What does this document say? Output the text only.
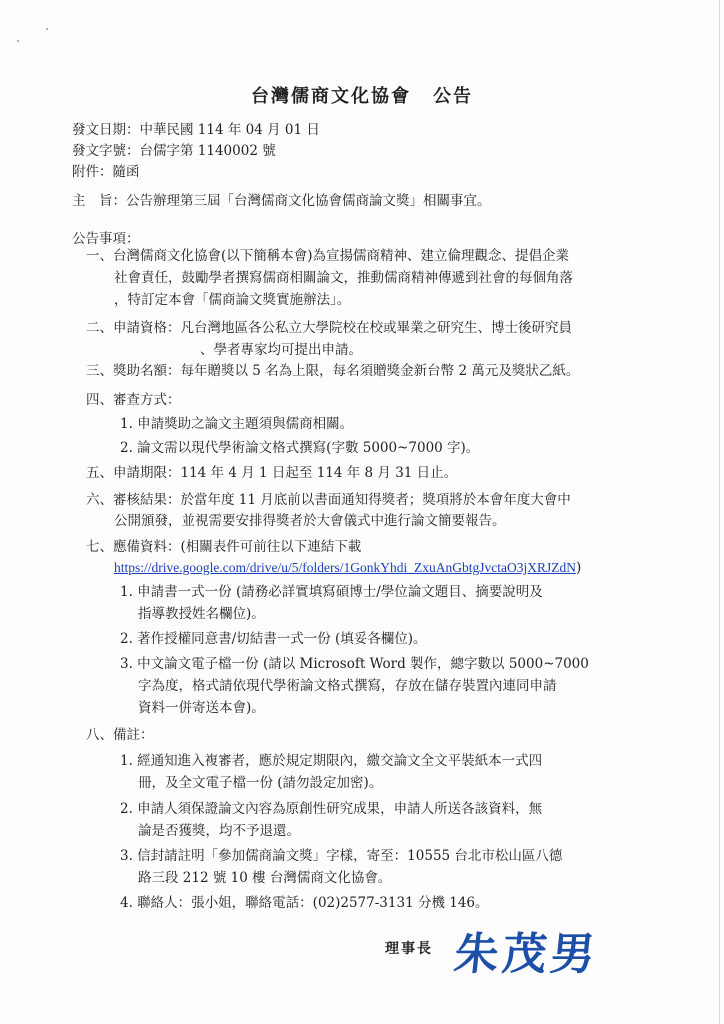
台灣儒商文化協會 公告
發文日期：中華民國 114 年 04 月 01 日
發文字號：台儒字第 1140002 號
附件：隨函
主　旨：公告辦理第三屆「台灣儒商文化協會儒商論文獎」相關事宜。
公告事項：
一、台灣儒商文化協會(以下簡稱本會)為宣揚儒商精神、建立倫理觀念、提倡企業
社會責任，鼓勵學者撰寫儒商相關論文，推動儒商精神傳遞到社會的每個角落
，特訂定本會「儒商論文獎實施辦法」。
二、申請資格：凡台灣地區各公私立大學院校在校或畢業之研究生、博士後研究員
、學者專家均可提出申請。
三、獎助名額：每年贈獎以 5 名為上限，每名須贈獎金新台幣 2 萬元及獎狀乙紙。
四、審查方式：
1. 申請獎助之論文主題須與儒商相關。
2. 論文需以現代學術論文格式撰寫(字數 5000~7000 字)。
五、申請期限：114 年 4 月 1 日起至 114 年 8 月 31 日止。
六、審核結果：於當年度 11 月底前以書面通知得獎者；獎項將於本會年度大會中
公開頒發，並視需要安排得獎者於大會儀式中進行論文簡要報告。
七、應備資料：(相關表件可前往以下連結下載
https://drive.google.com/drive/u/5/folders/1GonkYhdi_ZxuAnGbtgJvctaO3jXRJZdN)
1. 申請書一式一份 (請務必詳實填寫碩博士/學位論文題目、摘要說明及
指導教授姓名欄位)。
2. 著作授權同意書/切結書一式一份 (填妥各欄位)。
3. 中文論文電子檔一份 (請以 Microsoft Word 製作，總字數以 5000~7000
字為度，格式請依現代學術論文格式撰寫，存放在儲存裝置內連同申請
資料一併寄送本會)。
八、備註：
1. 經通知進入複審者，應於規定期限內，繳交論文全文平裝紙本一式四
冊，及全文電子檔一份 (請勿設定加密)。
2. 申請人須保證論文內容為原創性研究成果，申請人所送各該資料，無
論是否獲獎，均不予退還。
3. 信封請註明「參加儒商論文獎」字樣，寄至：10555 台北市松山區八德
路三段 212 號 10 樓 台灣儒商文化協會。
4. 聯絡人：張小姐，聯絡電話：(02)2577-3131 分機 146。
理事長 朱茂男
